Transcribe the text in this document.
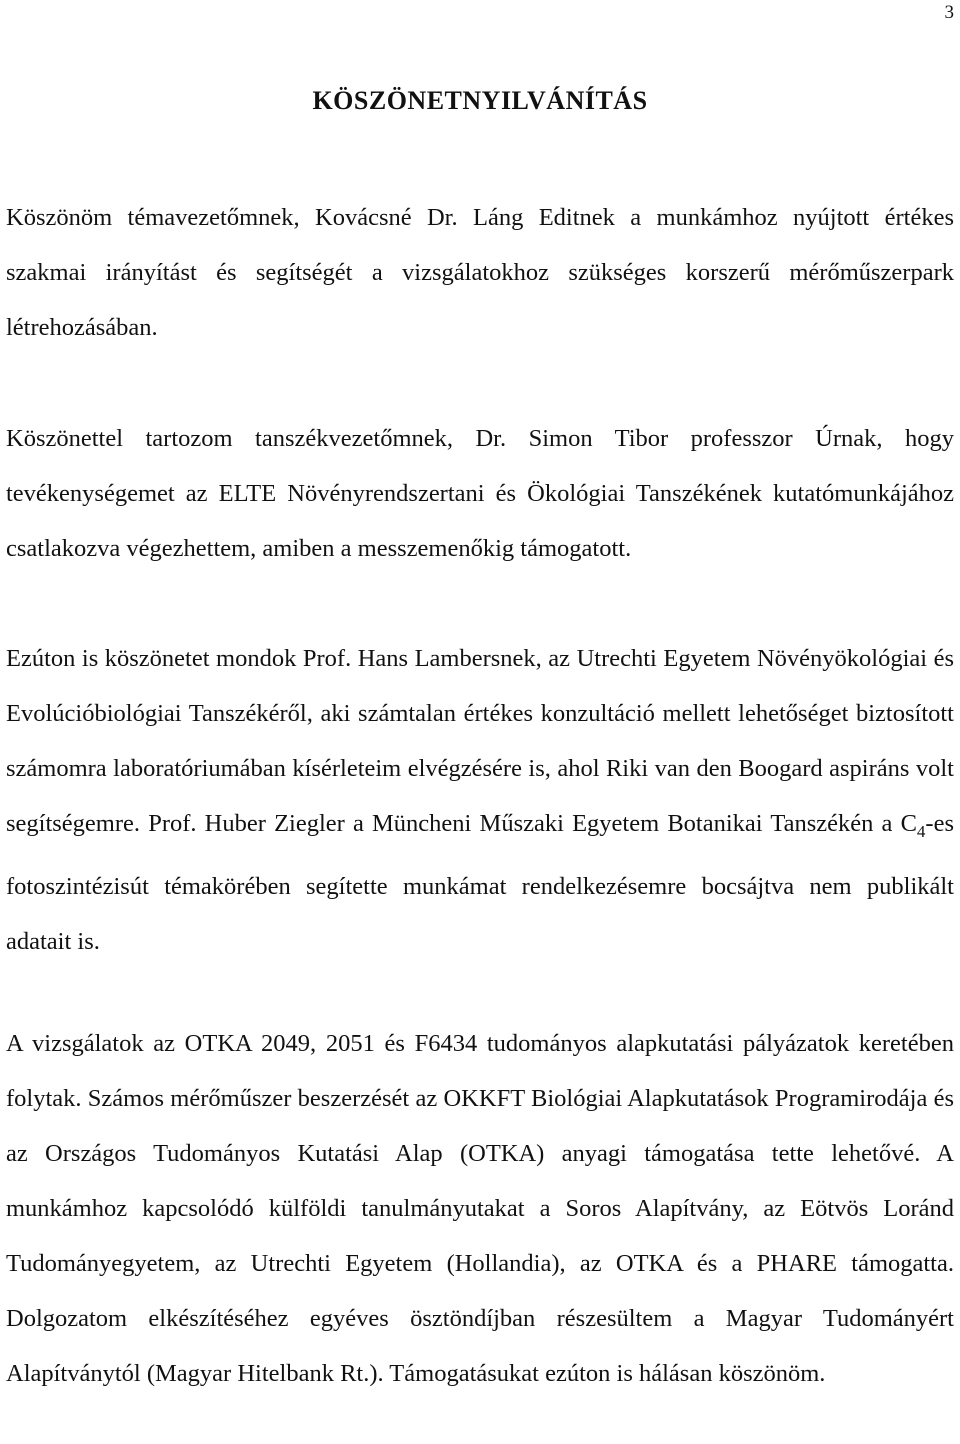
3
KÖSZÖNETNYILVÁNÍTÁS

Köszönöm témavezetőmnek, Kovácsné Dr. Láng Editnek a munkámhoz nyújtott értékes szakmai irányítást és segítségét a vizsgálatokhoz szükséges korszerű mérőműszerpark létrehozásában.

Köszönettel tartozom tanszékvezetőmnek, Dr. Simon Tibor professzor Úrnak, hogy tevékenységemet az ELTE Növényrendszertani és Ökológiai Tanszékének kutatómunkájához csatlakozva végezhettem, amiben a messzemenőkig támogatott.

Ezúton is köszönetet mondok Prof. Hans Lambersnek, az Utrechti Egyetem Növényökológiai és Evolúcióbiológiai Tanszékéről, aki számtalan értékes konzultáció mellett lehetőséget biztosított számomra laboratóriumában kísérleteim elvégzésére is, ahol Riki van den Boogard aspiráns volt segítségemre. Prof. Huber Ziegler a Müncheni Műszaki Egyetem Botanikai Tanszékén a $C_4-es$ fotoszintézisút témakörében segítette munkámat rendelkezésemre bocsájtva nem publikált adatait is.

A vizsgálatok az OTKA 2049, 2051 és F6434 tudományos alapkutatási pályázatok keretében folytak. Számos mérőműszer beszerzését az OKKFT Biológiai Alapkutatások Programirodája és az Országos Tudományos Kutatási Alap (OTKA) anyagi támogatása tette lehetővé. A munkámhoz kapcsolódó külföldi tanulmányutakat a Soros Alapítvány, az Eötvös Loránd Tudományegyetem, az Utrechti Egyetem (Hollandia), az OTKA és a PHARE támogatta. Dolgozatom elkészítéséhez egyéves ösztöndíjban részesültem a Magyar Tudományért Alapítványtól (Magyar Hitelbank Rt.). Támogatásukat ezúton is hálásan köszönöm.
